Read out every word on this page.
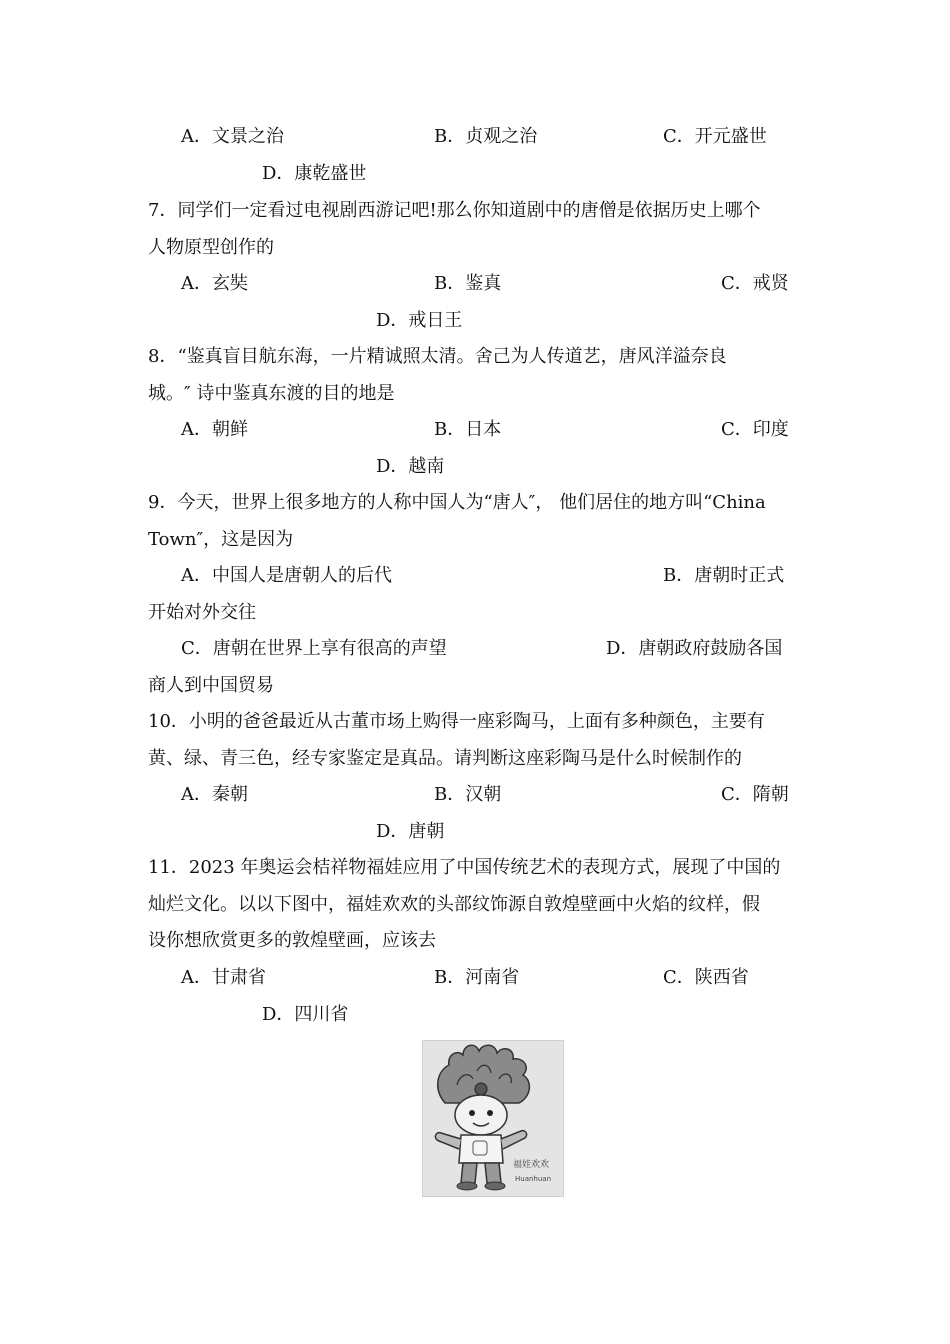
A．文景之治	B．贞观之治	C．开元盛世
D．康乾盛世
7．同学们一定看过电视剧西游记吧!那么你知道剧中的唐僧是依据历史上哪个
人物原型创作的
A．玄奘	B．鉴真	C．戒贤
D．戒日王
8．“鉴真盲目航东海，一片精诚照太清。舍己为人传道艺，唐风洋溢奈良
城。″ 诗中鉴真东渡的目的地是
A．朝鲜	B．日本	C．印度
D．越南
9．今天，世界上很多地方的人称中国人为“唐人″， 他们居住的地方叫“China
Town″，这是因为
A．中国人是唐朝人的后代	B．唐朝时正式
开始对外交往
C．唐朝在世界上享有很高的声望	D．唐朝政府鼓励各国
商人到中国贸易
10．小明的爸爸最近从古董市场上购得一座彩陶马，上面有多种颜色，主要有
黄、绿、青三色，经专家鉴定是真品。请判断这座彩陶马是什么时候制作的
A．秦朝	B．汉朝	C．隋朝
D．唐朝
11．2023 年奥运会桔祥物福娃应用了中国传统艺术的表现方式，展现了中国的
灿烂文化。以以下图中，福娃欢欢的头部纹饰源自敦煌壁画中火焰的纹样，假
设你想欣赏更多的敦煌壁画，应该去
A．甘肃省	B．河南省	C．陕西省
D．四川省
福娃欢欢
Huanhuan
